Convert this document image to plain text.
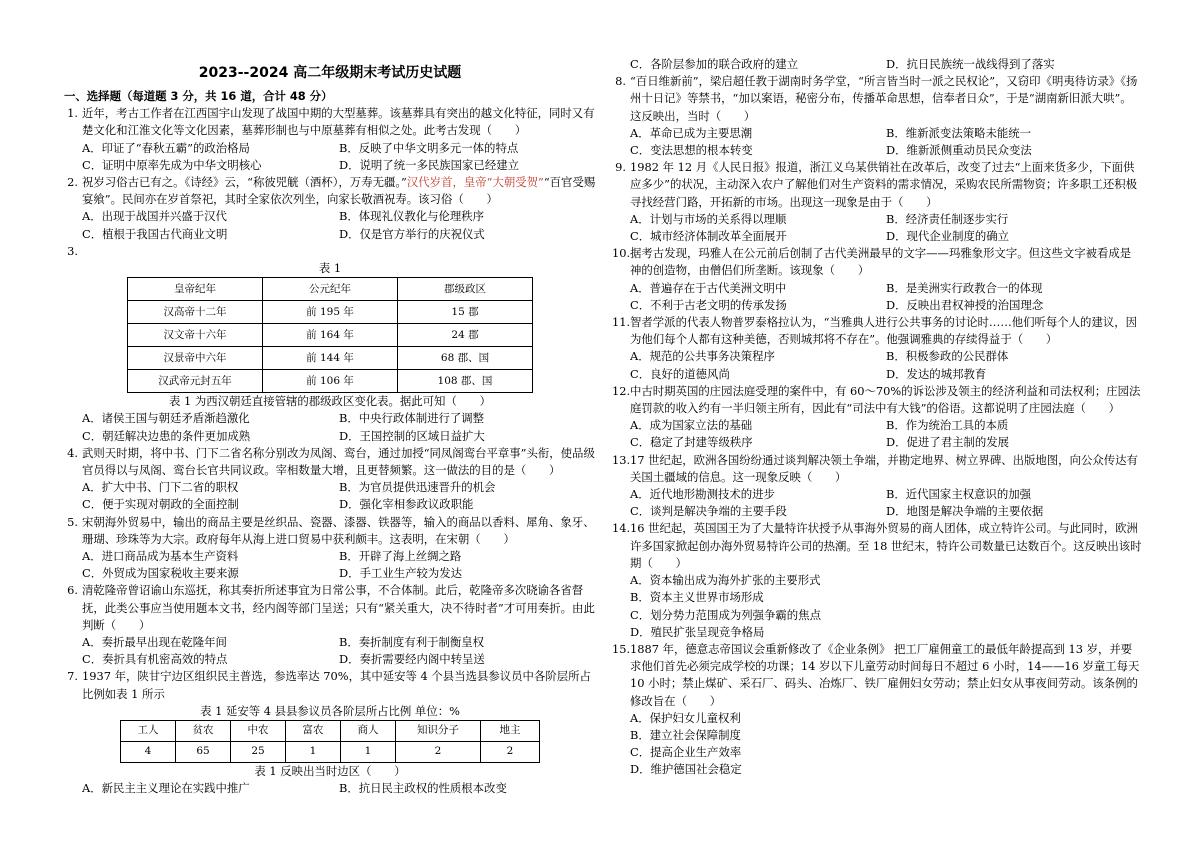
2023--2024 高二年级期末考试历史试题
一、选择题（每道题 3 分，共 16 道，合计 48 分）
1. 近年，考古工作者在江西国宇山发现了战国中期的大型墓葬。该墓葬具有突出的越文化特征，同时又有楚文化和江淮文化等文化因素，墓葬形制也与中原墓葬有相似之处。此考古发现（　　）
A．印证了“春秋五霸”的政治格局	B．反映了中华文明多元一体的特点
C．证明中原率先成为中华文明核心	D．说明了统一多民族国家已经建立
2. 祝岁习俗古已有之。《诗经》云，“称彼兕觥（酒杯），万寿无疆。”汉代岁首，皇帝“大朝受贺”“百官受赐宴飨”。民间亦在岁首祭祀，其时全家依次列坐，向家长敬酒祝寿。该习俗（　　）
A．出现于战国并兴盛于汉代	B．体现礼仪教化与伦理秩序
C．植根于我国古代商业文明	D．仅是官方举行的庆祝仪式
3.
表 1
皇帝纪年	公元纪年	郡级政区
汉高帝十二年	前 195 年	15 郡
汉文帝十六年	前 164 年	24 郡
汉景帝中六年	前 144 年	68 郡、国
汉武帝元封五年	前 106 年	108 郡、国
表 1 为西汉朝廷直接管辖的郡级政区变化表。据此可知（　　）
A．诸侯王国与朝廷矛盾渐趋激化	B．中央行政体制进行了调整
C．朝廷解决边患的条件更加成熟	D．王国控制的区域日益扩大
4. 武则天时期，将中书、门下二省名称分别改为凤阁、鸾台，通过加授“同凤阁鸾台平章事”头衔，使品级官员得以与凤阁、鸾台长官共同议政。宰相数量大增，且更替频繁。这一做法的目的是（　　）
A．扩大中书、门下二省的职权	B．为官员提供迅速晋升的机会
C．便于实现对朝政的全面控制	D．强化宰相参政议政职能
5. 宋朝海外贸易中，输出的商品主要是丝织品、瓷器、漆器、铁器等，输入的商品以香料、犀角、象牙、珊瑚、珍珠等为大宗。政府每年从海上进口贸易中获利颇丰。这表明，在宋朝（　　）
A．进口商品成为基本生产资料	B．开辟了海上丝绸之路
C．外贸成为国家税收主要来源	D．手工业生产较为发达
6. 清乾隆帝曾诏谕山东巡抚，称其奏折所述事宜为日常公事，不合体制。此后，乾隆帝多次晓谕各省督抚，此类公事应当使用题本文书，经内阁等部门呈送；只有“紧关重大，决不待时者”才可用奏折。由此判断（　　）
A．奏折最早出现在乾隆年间	B．奏折制度有利于制衡皇权
C．奏折具有机密高效的特点	D．奏折需要经内阁中转呈送
7. 1937 年，陕甘宁边区组织民主普选，参选率达 70%，其中延安等 4 个县当选县参议员中各阶层所占比例如表 1 所示
表 1 延安等 4 县县参议员各阶层所占比例 单位：%
工人	贫农	中农	富农	商人	知识分子	地主
4	65	25	1	1	2	2
表 1 反映出当时边区（　　）
A．新民主主义理论在实践中推广	B．抗日民主政权的性质根本改变
C．各阶层参加的联合政府的建立	D．抗日民族统一战线得到了落实
8. “百日维新前”，梁启超任教于湖南时务学堂，“所言皆当时一派之民权论”，又窃印《明夷待访录》《扬州十日记》等禁书，“加以案语，秘密分布，传播革命思想，信奉者日众”，于是“湖南新旧派大哄”。这反映出，当时（　　）
A．革命已成为主要思潮	B．维新派变法策略未能统一
C．变法思想的根本转变	D．维新派侧重动员民众变法
9. 1982 年 12 月《人民日报》报道，浙江义乌某供销社在改革后，改变了过去“上面来货多少，下面供应多少”的状况，主动深入农户了解他们对生产资料的需求情况，采购农民所需物资；许多职工还积极寻找经营门路，开拓新的市场。出现这一现象是由于（　　）
A．计划与市场的关系得以理顺	B．经济责任制逐步实行
C．城市经济体制改革全面展开	D．现代企业制度的确立
10. 据考古发现，玛雅人在公元前后创制了古代美洲最早的文字——玛雅象形文字。但这些文字被看成是神的创造物，由僧侣们所垄断。该现象（　　）
A．普遍存在于古代美洲文明中	B．是美洲实行政教合一的体现
C．不利于古老文明的传承发扬	D．反映出君权神授的治国理念
11. 智者学派的代表人物普罗泰格拉认为，“当雅典人进行公共事务的讨论时……他们听每个人的建议，因为他们每个人都有这种美德，否则城邦将不存在”。他强调雅典的存续得益于（　　）
A．规范的公共事务决策程序	B．积极参政的公民群体
C．良好的道德风尚	D．发达的城邦教育
12. 中古时期英国的庄园法庭受理的案件中，有 60～70%的诉讼涉及领主的经济利益和司法权利；庄园法庭罚款的收入约有一半归领主所有，因此有“司法中有大钱”的俗语。这都说明了庄园法庭（　　）
A．成为国家立法的基础	B．作为统治工具的本质
C．稳定了封建等级秩序	D．促进了君主制的发展
13. 17 世纪起，欧洲各国纷纷通过谈判解决领土争端，并勘定地界、树立界碑、出版地图，向公众传达有关国土疆域的信息。这一现象反映（　　）
A．近代地形勘测技术的进步	B．近代国家主权意识的加强
C．谈判是解决争端的主要手段	D．地图是解决争端的主要依据
14. 16 世纪起，英国国王为了大量特许状授予从事海外贸易的商人团体，成立特许公司。与此同时，欧洲许多国家掀起创办海外贸易特许公司的热潮。至 18 世纪末，特许公司数量已达数百个。这反映出该时期（　　）
A．资本输出成为海外扩张的主要形式
B．资本主义世界市场形成
C．划分势力范围成为列强争霸的焦点
D．殖民扩张呈现竞争格局
15. 1887 年，德意志帝国议会重新修改了《企业条例》 把工厂雇佣童工的最低年龄提高到 13 岁，并要求他们首先必须完成学校的功课；14 岁以下儿童劳动时间每日不超过 6 小时，14——16 岁童工每天 10 小时；禁止煤矿、采石厂、码头、冶炼厂、铁厂雇佣妇女劳动；禁止妇女从事夜间劳动。该条例的修改旨在（　　）
A．保护妇女儿童权利
B．建立社会保障制度
C．提高企业生产效率
D．维护德国社会稳定
